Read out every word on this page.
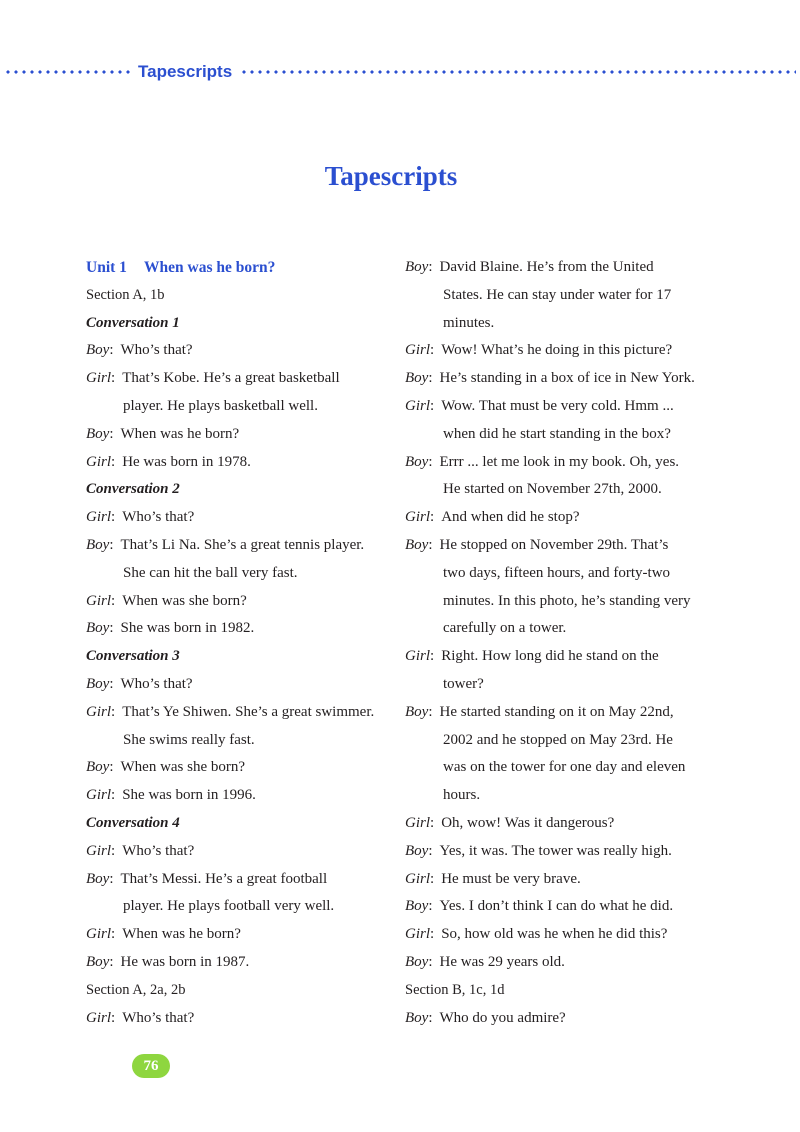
Tapescripts
Tapescripts
Unit 1 When was he born?
Section A, 1b
Conversation 1
Boy: Who’s that?
Girl: That’s Kobe. He’s a great basketball
player. He plays basketball well.
Boy: When was he born?
Girl: He was born in 1978.
Conversation 2
Girl: Who’s that?
Boy: That’s Li Na. She’s a great tennis player.
She can hit the ball very fast.
Girl: When was she born?
Boy: She was born in 1982.
Conversation 3
Boy: Who’s that?
Girl: That’s Ye Shiwen. She’s a great swimmer.
She swims really fast.
Boy: When was she born?
Girl: She was born in 1996.
Conversation 4
Girl: Who’s that?
Boy: That’s Messi. He’s a great football
player. He plays football very well.
Girl: When was he born?
Boy: He was born in 1987.
Section A, 2a, 2b
Girl: Who’s that?
Boy: David Blaine. He’s from the United
States. He can stay under water for 17
minutes.
Girl: Wow! What’s he doing in this picture?
Boy: He’s standing in a box of ice in New York.
Girl: Wow. That must be very cold. Hmm ...
when did he start standing in the box?
Boy: Errr ... let me look in my book. Oh, yes.
He started on November 27th, 2000.
Girl: And when did he stop?
Boy: He stopped on November 29th. That’s
two days, fifteen hours, and forty-two
minutes. In this photo, he’s standing very
carefully on a tower.
Girl: Right. How long did he stand on the
tower?
Boy: He started standing on it on May 22nd,
2002 and he stopped on May 23rd. He
was on the tower for one day and eleven
hours.
Girl: Oh, wow! Was it dangerous?
Boy: Yes, it was. The tower was really high.
Girl: He must be very brave.
Boy: Yes. I don’t think I can do what he did.
Girl: So, how old was he when he did this?
Boy: He was 29 years old.
Section B, 1c, 1d
Boy: Who do you admire?
76
